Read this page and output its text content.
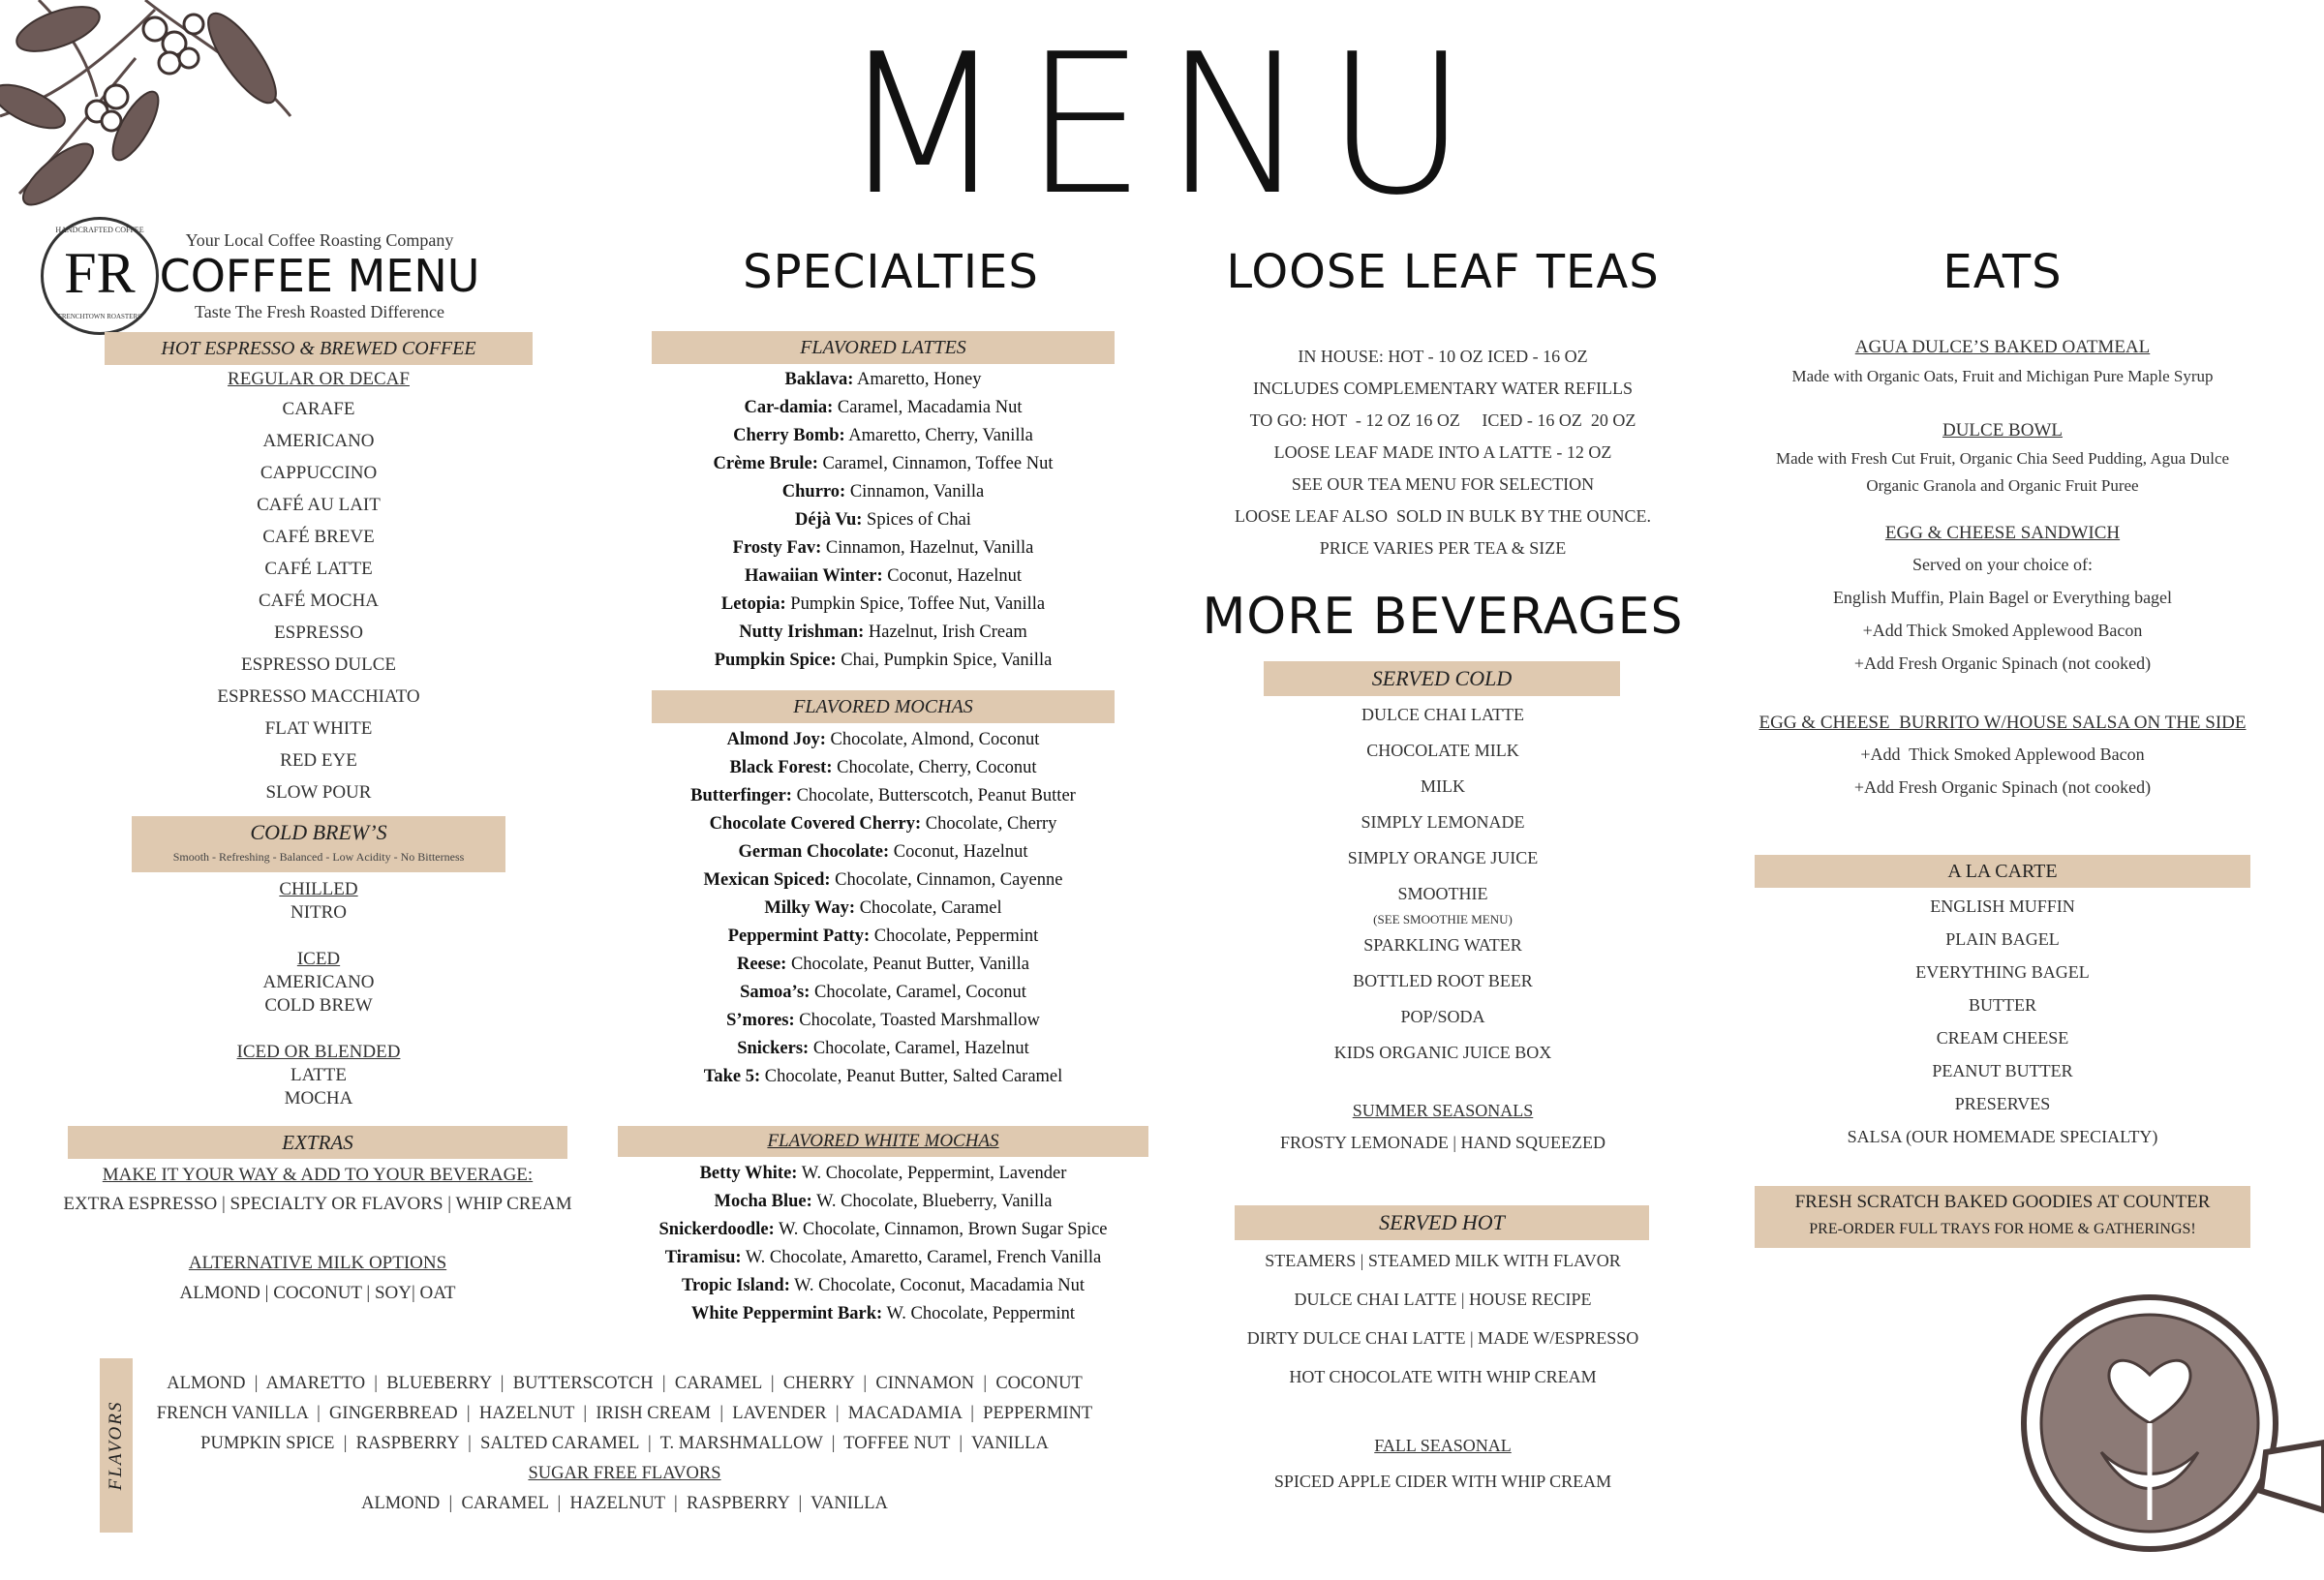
MENU
FR
HANDCRAFTED COFFEE
FRENCHTOWN ROASTERS
Your Local Coffee Roasting Company
COFFEE MENU
Taste The Fresh Roasted Difference
HOT ESPRESSO & BREWED COFFEE
REGULAR OR DECAF
CARAFE
AMERICANO
CAPPUCCINO
CAFÉ AU LAIT
CAFÉ BREVE
CAFÉ LATTE
CAFÉ MOCHA
ESPRESSO
ESPRESSO DULCE
ESPRESSO MACCHIATO
FLAT WHITE
RED EYE
SLOW POUR
COLD BREW’S
Smooth - Refreshing - Balanced - Low Acidity - No Bitterness
CHILLED
NITRO
ICED
AMERICANO
COLD BREW
ICED OR BLENDED
LATTE
MOCHA
EXTRAS
MAKE IT YOUR WAY & ADD TO YOUR BEVERAGE:
EXTRA ESPRESSO | SPECIALTY OR FLAVORS | WHIP CREAM
ALTERNATIVE MILK OPTIONS
ALMOND | COCONUT | SOY| OAT
SPECIALTIES
FLAVORED LATTES
Baklava: Amaretto, Honey
Car-damia: Caramel, Macadamia Nut
Cherry Bomb: Amaretto, Cherry, Vanilla
Crème Brule: Caramel, Cinnamon, Toffee Nut
Churro: Cinnamon, Vanilla
Déjà Vu: Spices of Chai
Frosty Fav: Cinnamon, Hazelnut, Vanilla
Hawaiian Winter: Coconut, Hazelnut
Letopia: Pumpkin Spice, Toffee Nut, Vanilla
Nutty Irishman: Hazelnut, Irish Cream
Pumpkin Spice: Chai, Pumpkin Spice, Vanilla
FLAVORED MOCHAS
Almond Joy: Chocolate, Almond, Coconut
Black Forest: Chocolate, Cherry, Coconut
Butterfinger: Chocolate, Butterscotch, Peanut Butter
Chocolate Covered Cherry: Chocolate, Cherry
German Chocolate: Coconut, Hazelnut
Mexican Spiced: Chocolate, Cinnamon, Cayenne
Milky Way: Chocolate, Caramel
Peppermint Patty: Chocolate, Peppermint
Reese: Chocolate, Peanut Butter, Vanilla
Samoa’s: Chocolate, Caramel, Coconut
S’mores: Chocolate, Toasted Marshmallow
Snickers: Chocolate, Caramel, Hazelnut
Take 5: Chocolate, Peanut Butter, Salted Caramel
FLAVORED WHITE MOCHAS
Betty White: W. Chocolate, Peppermint, Lavender
Mocha Blue: W. Chocolate, Blueberry, Vanilla
Snickerdoodle: W. Chocolate, Cinnamon, Brown Sugar Spice
Tiramisu: W. Chocolate, Amaretto, Caramel, French Vanilla
Tropic Island: W. Chocolate, Coconut, Macadamia Nut
White Peppermint Bark: W. Chocolate, Peppermint
FLAVORS
ALMOND  |  AMARETTO  |  BLUEBERRY  |  BUTTERSCOTCH  |  CARAMEL  |  CHERRY  |  CINNAMON  |  COCONUT
FRENCH VANILLA  |  GINGERBREAD  |  HAZELNUT  |  IRISH CREAM  |  LAVENDER  |  MACADAMIA  |  PEPPERMINT
PUMPKIN SPICE  |  RASPBERRY  |  SALTED CARAMEL  |  T. MARSHMALLOW  |  TOFFEE NUT  |  VANILLA
SUGAR FREE FLAVORS
ALMOND  |  CARAMEL  |  HAZELNUT  |  RASPBERRY  |  VANILLA
LOOSE LEAF TEAS
IN HOUSE: HOT - 10 OZ ICED - 16 OZ
INCLUDES COMPLEMENTARY WATER REFILLS
TO GO: HOT  - 12 OZ 16 OZ     ICED - 16 OZ  20 OZ
LOOSE LEAF MADE INTO A LATTE - 12 OZ
SEE OUR TEA MENU FOR SELECTION
LOOSE LEAF ALSO  SOLD IN BULK BY THE OUNCE.
PRICE VARIES PER TEA & SIZE
MORE BEVERAGES
SERVED COLD
DULCE CHAI LATTE
CHOCOLATE MILK
MILK
SIMPLY LEMONADE
SIMPLY ORANGE JUICE
SMOOTHIE
(SEE SMOOTHIE MENU)
SPARKLING WATER
BOTTLED ROOT BEER
POP/SODA
KIDS ORGANIC JUICE BOX
SUMMER SEASONALS
FROSTY LEMONADE | HAND SQUEEZED
SERVED HOT
STEAMERS | STEAMED MILK WITH FLAVOR
DULCE CHAI LATTE | HOUSE RECIPE
DIRTY DULCE CHAI LATTE | MADE W/ESPRESSO
HOT CHOCOLATE WITH WHIP CREAM
FALL SEASONAL
SPICED APPLE CIDER WITH WHIP CREAM
EATS
AGUA DULCE’S BAKED OATMEAL
Made with Organic Oats, Fruit and Michigan Pure Maple Syrup
DULCE BOWL
Made with Fresh Cut Fruit, Organic Chia Seed Pudding, Agua Dulce
Organic Granola and Organic Fruit Puree
EGG & CHEESE SANDWICH
Served on your choice of:
English Muffin, Plain Bagel or Everything bagel
+Add Thick Smoked Applewood Bacon
+Add Fresh Organic Spinach (not cooked)
EGG & CHEESE  BURRITO W/HOUSE SALSA ON THE SIDE
+Add  Thick Smoked Applewood Bacon
+Add Fresh Organic Spinach (not cooked)
A LA CARTE
ENGLISH MUFFIN
PLAIN BAGEL
EVERYTHING BAGEL
BUTTER
CREAM CHEESE
PEANUT BUTTER
PRESERVES
SALSA (OUR HOMEMADE SPECIALTY)
FRESH SCRATCH BAKED GOODIES AT COUNTER
PRE-ORDER FULL TRAYS FOR HOME & GATHERINGS!
